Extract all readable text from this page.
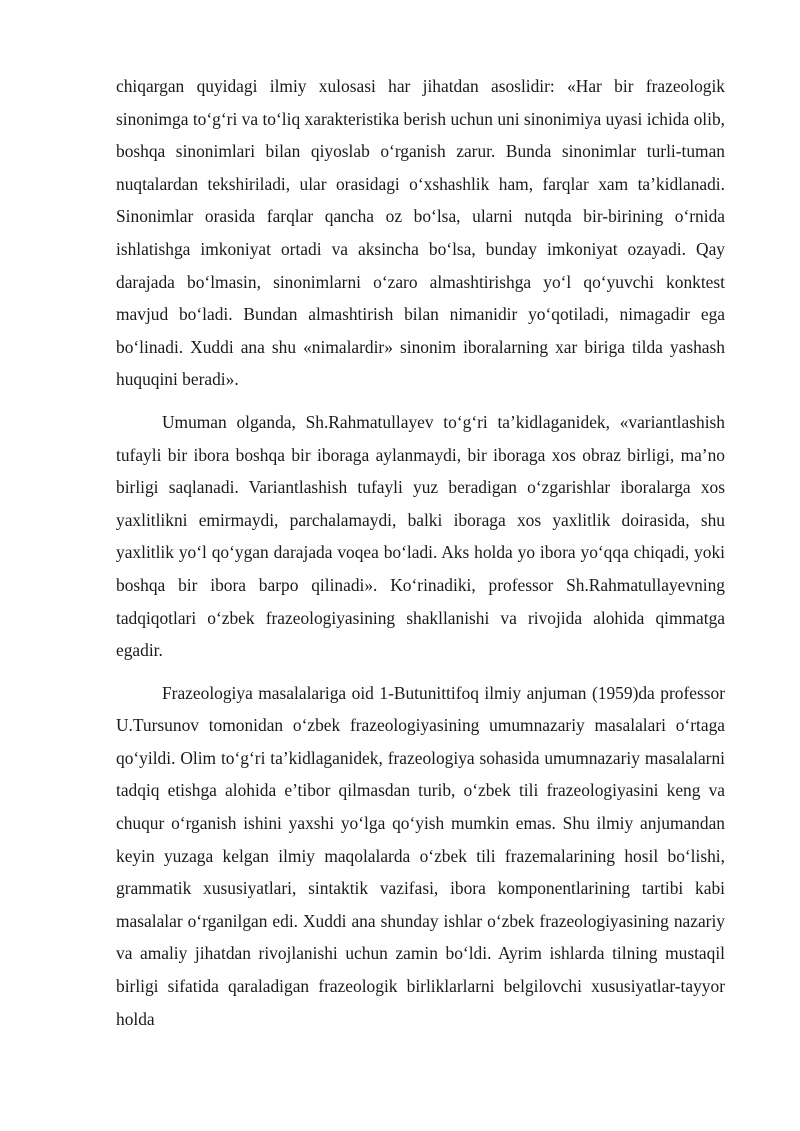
chiqargan quyidagi ilmiy xulosasi har jihatdan asoslidir: «Har bir frazeologik sinonimga to‘g‘ri va to‘liq xarakteristika berish uchun uni sinonimiya uyasi ichida olib, boshqa sinonimlari bilan qiyoslab o‘rganish zarur. Bunda sinonimlar turli-tuman nuqtalardan tekshiriladi, ular orasidagi o‘xshashlik ham, farqlar xam ta’kidlanadi. Sinonimlar orasida farqlar qancha oz bo‘lsa, ularni nutqda bir-birining o‘rnida ishlatishga imkoniyat ortadi va aksincha bo‘lsa, bunday imkoniyat ozayadi. Qay darajada bo‘lmasin, sinonimlarni o‘zaro almashtirishga yo‘l qo‘yuvchi konktest mavjud bo‘ladi. Bundan almashtirish bilan nimanidir yo‘qotiladi, nimagadir ega bo‘linadi. Xuddi ana shu «nimalardir» sinonim iboralarning xar biriga tilda yashash huquqini beradi».

Umuman olganda, Sh.Rahmatullayev to‘g‘ri ta’kidlaganidek, «variantlashish tufayli bir ibora boshqa bir iboraga aylanmaydi, bir iboraga xos obraz birligi, ma’no birligi saqlanadi. Variantlashish tufayli yuz beradigan o‘zgarishlar iboralarga xos yaxlitlikni emirmaydi, parchalamaydi, balki iboraga xos yaxlitlik doirasida, shu yaxlitlik yo‘l qo‘ygan darajada voqea bo‘ladi. Aks holda yo ibora yo‘qqa chiqadi, yoki boshqa bir ibora barpo qilinadi». Ko‘rinadiki, professor Sh.Rahmatullayevning tadqiqotlari o‘zbek frazeologiyasining shakllanishi va rivojida alohida qimmatga egadir.

Frazeologiya masalalariga oid 1-Butunittifoq ilmiy anjuman (1959)da professor U.Tursunov tomonidan o‘zbek frazeologiyasining umumnazariy masalalari o‘rtaga qo‘yildi. Olim to‘g‘ri ta’kidlaganidek, frazeologiya sohasida umumnazariy masalalarni tadqiq etishga alohida e’tibor qilmasdan turib, o‘zbek tili frazeologiyasini keng va chuqur o‘rganish ishini yaxshi yo‘lga qo‘yish mumkin emas. Shu ilmiy anjumandan keyin yuzaga kelgan ilmiy maqolalarda o‘zbek tili frazemalarining hosil bo‘lishi, grammatik xususiyatlari, sintaktik vazifasi, ibora komponentlarining tartibi kabi masalalar o‘rganilgan edi. Xuddi ana shunday ishlar o‘zbek frazeologiyasining nazariy va amaliy jihatdan rivojlanishi uchun zamin bo‘ldi. Ayrim ishlarda tilning mustaqil birligi sifatida qaraladigan frazeologik birliklarlarni belgilovchi xususiyatlar-tayyor holda
